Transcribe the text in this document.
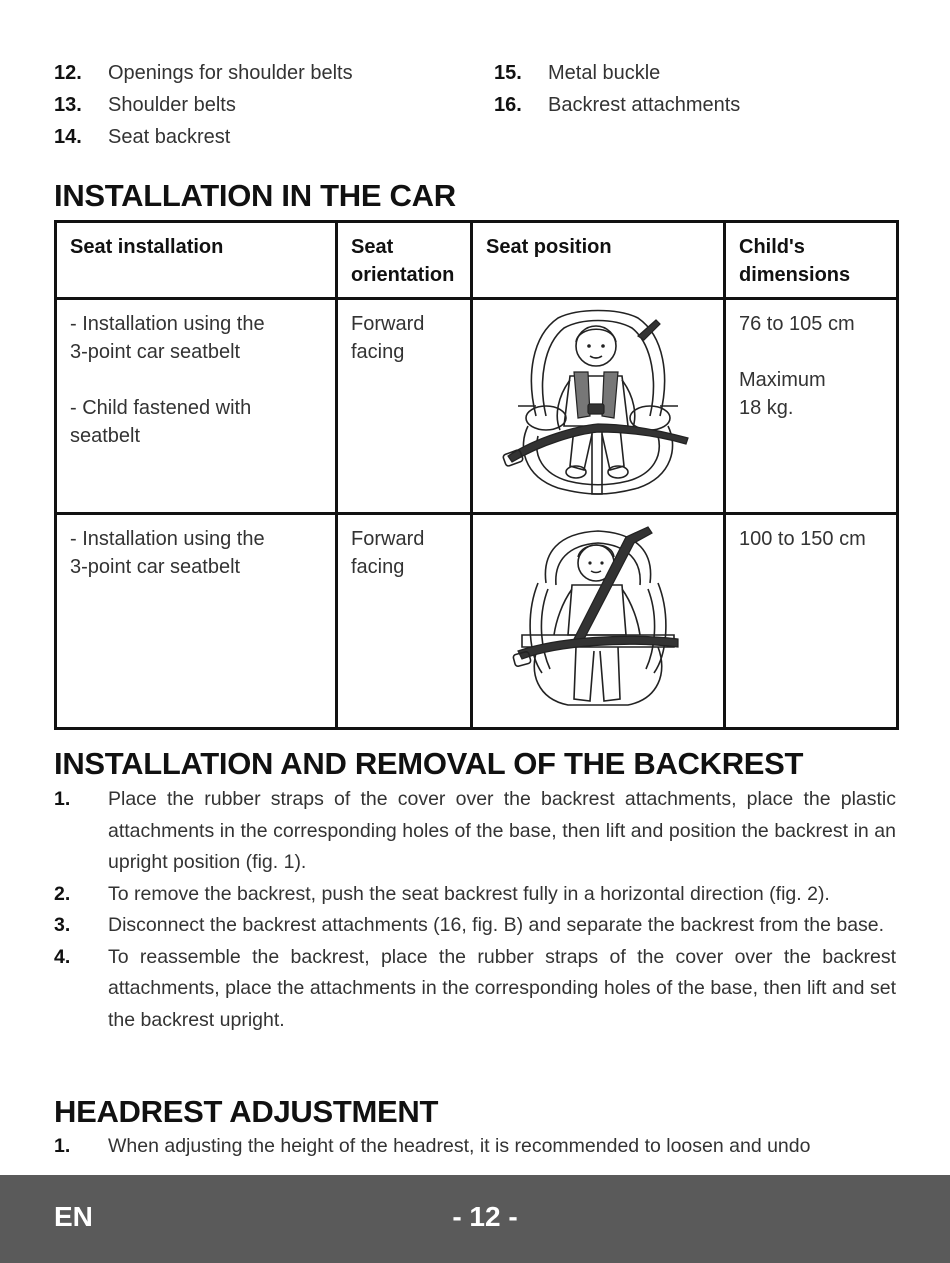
12. Openings for shoulder belts
13. Shoulder belts
14. Seat backrest
15. Metal buckle
16. Backrest attachments
INSTALLATION IN THE CAR
Seat installation	Seat orientation	Seat position	Child's dimensions

- Installation using the
3-point car seatbelt
- Child fastened with
seatbelt	Forward
facing		76 to 105 cm
Maximum
18 kg.

- Installation using the
3-point car seatbelt	Forward
facing		100 to 150 cm
INSTALLATION AND REMOVAL OF THE BACKREST
1. Place the rubber straps of the cover over the backrest attachments, place the plastic attachments in the corresponding holes of the base, then lift and position the backrest in an upright position (fig. 1).
2. To remove the backrest, push the seat backrest fully in a horizontal direction (fig. 2).
3. Disconnect the backrest attachments (16, fig. B) and separate the backrest from the base.
4. To reassemble the backrest, place the rubber straps of the cover over the backrest attachments, place the attachments in the corresponding holes of the base, then lift and set the backrest upright.
HEADREST ADJUSTMENT
1. When adjusting the height of the headrest, it is recommended to loosen and undo
EN	- 12 -
